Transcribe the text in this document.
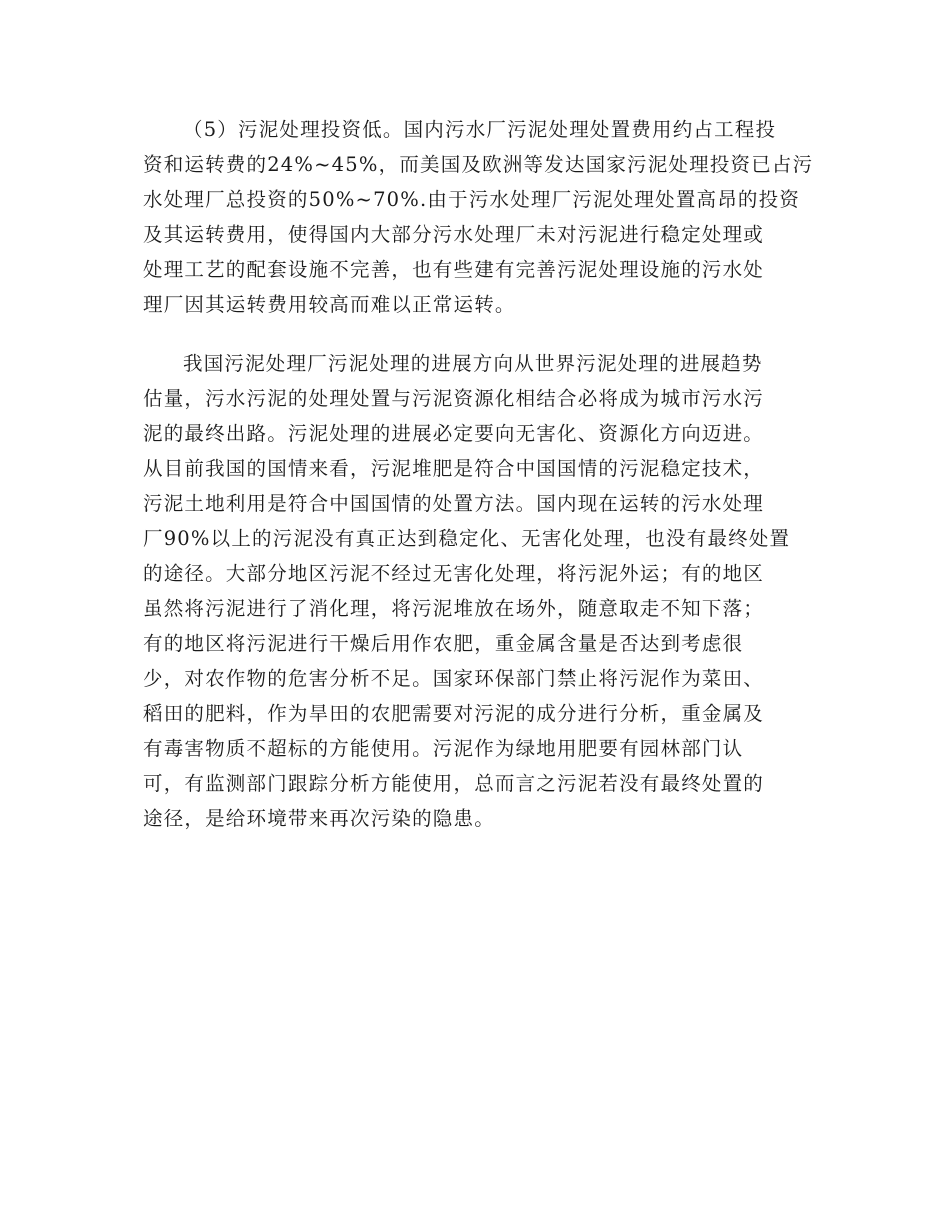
（5）污泥处理投资低。国内污水厂污泥处理处置费用约占工程投
资和运转费的24%~45%，而美国及欧洲等发达国家污泥处理投资已占污
水处理厂总投资的50%~70%.由于污水处理厂污泥处理处置高昂的投资
及其运转费用，使得国内大部分污水处理厂未对污泥进行稳定处理或
处理工艺的配套设施不完善，也有些建有完善污泥处理设施的污水处
理厂因其运转费用较高而难以正常运转。
我国污泥处理厂污泥处理的进展方向从世界污泥处理的进展趋势
估量，污水污泥的处理处置与污泥资源化相结合必将成为城市污水污
泥的最终出路。污泥处理的进展必定要向无害化、资源化方向迈进。
从目前我国的国情来看，污泥堆肥是符合中国国情的污泥稳定技术，
污泥土地利用是符合中国国情的处置方法。国内现在运转的污水处理
厂90%以上的污泥没有真正达到稳定化、无害化处理，也没有最终处置
的途径。大部分地区污泥不经过无害化处理，将污泥外运；有的地区
虽然将污泥进行了消化理，将污泥堆放在场外，随意取走不知下落；
有的地区将污泥进行干燥后用作农肥，重金属含量是否达到考虑很
少，对农作物的危害分析不足。国家环保部门禁止将污泥作为菜田、
稻田的肥料，作为旱田的农肥需要对污泥的成分进行分析，重金属及
有毒害物质不超标的方能使用。污泥作为绿地用肥要有园林部门认
可，有监测部门跟踪分析方能使用，总而言之污泥若没有最终处置的
途径，是给环境带来再次污染的隐患。
